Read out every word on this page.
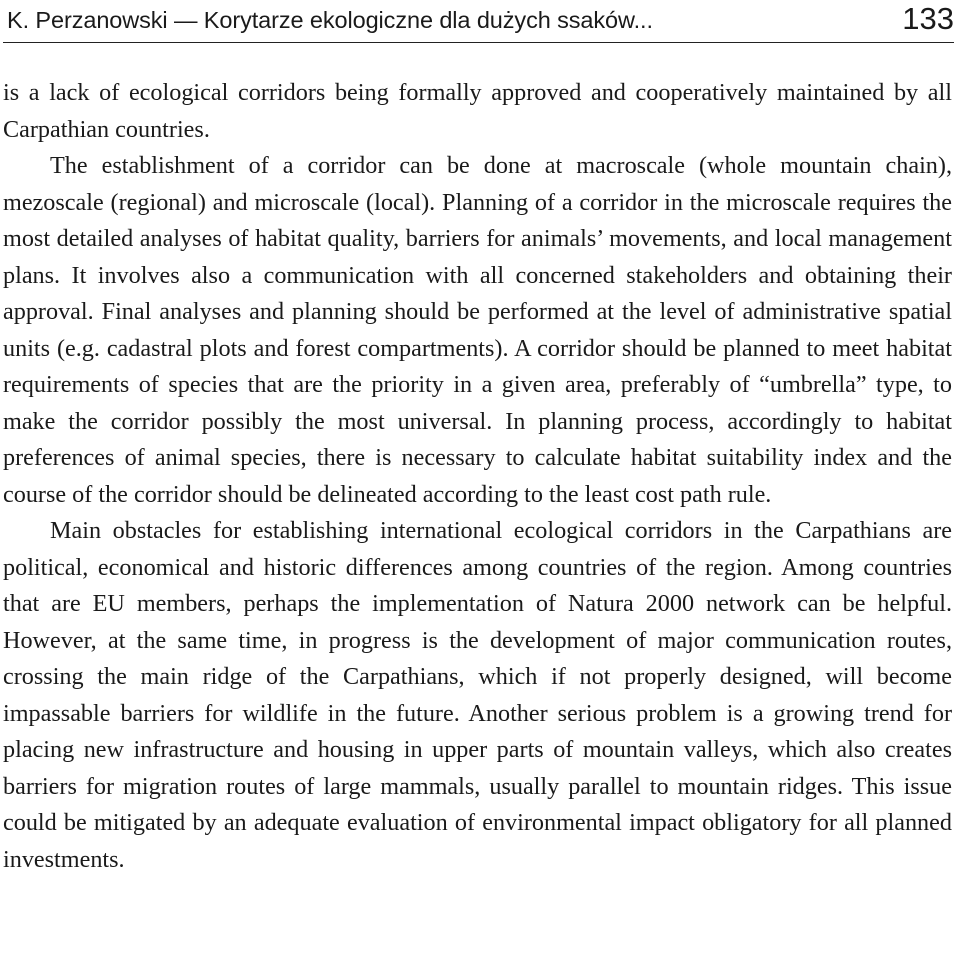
K. Perzanowski — Korytarze ekologiczne dla dużych ssaków...	133

is a lack of ecological corridors being formally approved and cooperatively maintained by all Carpathian countries.

The establishment of a corridor can be done at macroscale (whole mountain chain), mezoscale (regional) and microscale (local). Planning of a corridor in the microscale requires the most detailed analyses of habitat quality, barriers for animals’ movements, and local management plans. It involves also a communication with all concerned stakeholders and obtaining their approval. Final analyses and planning should be performed at the level of administrative spatial units (e.g. cadastral plots and forest compartments). A corridor should be planned to meet habitat requirements of species that are the priority in a given area, preferably of “umbrella” type, to make the corridor possibly the most universal. In planning process, accordingly to habitat preferences of animal species, there is necessary to calculate habitat suitability index and the course of the corridor should be delineated according to the least cost path rule.

Main obstacles for establishing international ecological corridors in the Carpathians are political, economical and historic differences among countries of the region. Among countries that are EU members, perhaps the implementation of Natura 2000 network can be helpful. However, at the same time, in progress is the development of major communication routes, crossing the main ridge of the Carpathians, which if not properly designed, will become impassable barriers for wildlife in the future. Another serious problem is a growing trend for placing new infrastructure and housing in upper parts of mountain valleys, which also creates barriers for migration routes of large mammals, usually parallel to mountain ridges. This issue could be mitigated by an adequate evaluation of environmental impact obligatory for all planned investments.
